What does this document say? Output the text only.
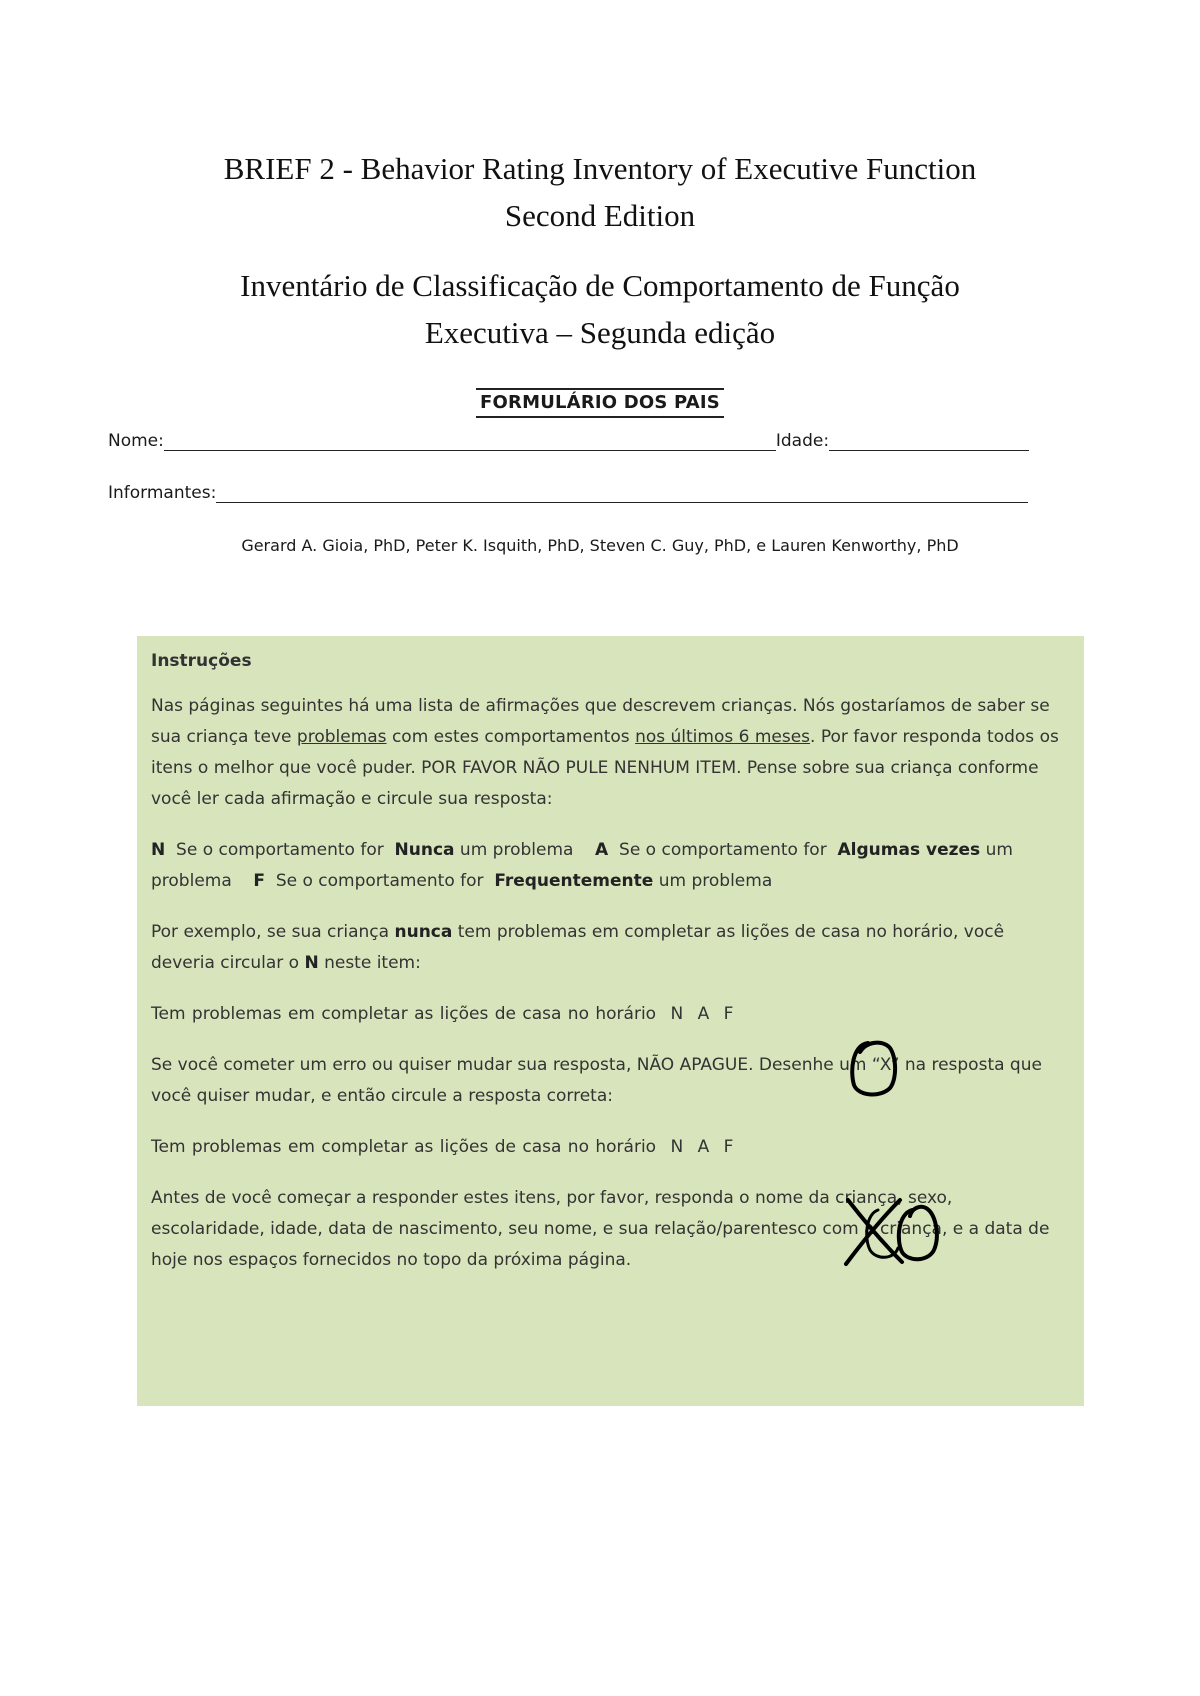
BRIEF 2 - Behavior Rating Inventory of Executive Function
Second Edition
Inventário de Classificação de Comportamento de Função
Executiva – Segunda edição
FORMULÁRIO DOS PAIS
Nome:	Idade:
Informantes:
Gerard A. Gioia, PhD, Peter K. Isquith, PhD, Steven C. Guy, PhD, e Lauren Kenworthy, PhD

Instruções

Nas páginas seguintes há uma lista de afirmações que descrevem crianças. Nós gostaríamos de saber se sua criança teve problemas com estes comportamentos nos últimos 6 meses. Por favor responda todos os itens o melhor que você puder. POR FAVOR NÃO PULE NENHUM ITEM. Pense sobre sua criança conforme você ler cada afirmação e circule sua resposta:

N Se o comportamento for Nunca um problema A Se o comportamento for Algumas vezes um problema F Se o comportamento for Frequentemente um problema

Por exemplo, se sua criança nunca tem problemas em completar as lições de casa no horário, você deveria circular o N neste item:

Tem problemas em completar as lições de casa no horário N A F

Se você cometer um erro ou quiser mudar sua resposta, NÃO APAGUE. Desenhe um “X” na resposta que você quiser mudar, e então circule a resposta correta:

Tem problemas em completar as lições de casa no horário N A F

Antes de você começar a responder estes itens, por favor, responda o nome da criança, sexo, escolaridade, idade, data de nascimento, seu nome, e sua relação/parentesco com a criança, e a data de hoje nos espaços fornecidos no topo da próxima página.
